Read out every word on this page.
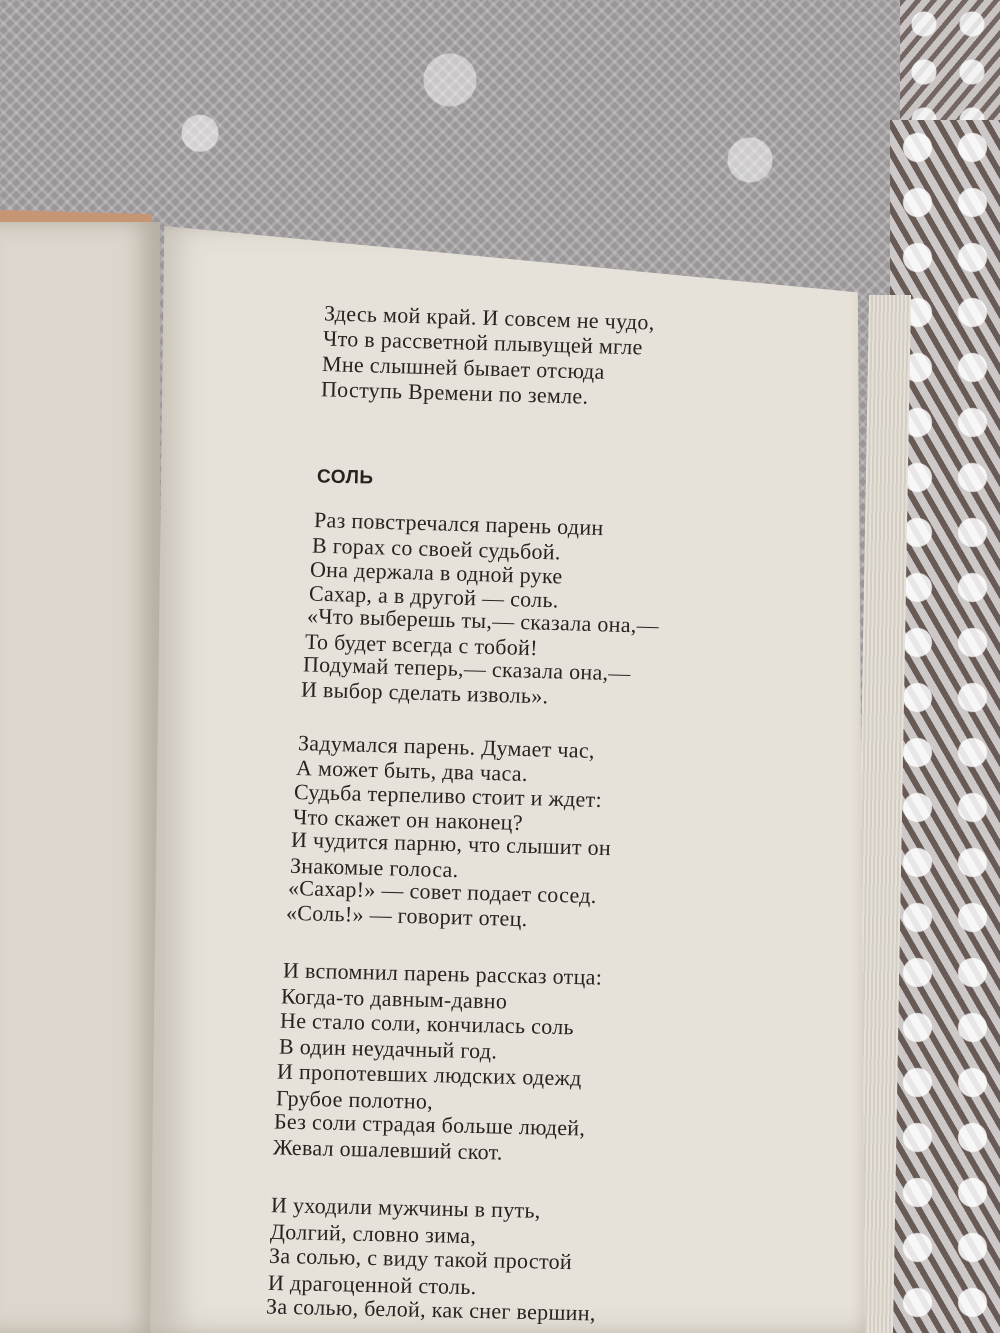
Здесь мой край. И совсем не чудо,
Что в рассветной плывущей мгле
Мне слышней бывает отсюда
Поступь Времени по земле.
СОЛЬ
Раз повстречался парень один
В горах со своей судьбой.
Она держала в одной руке
Сахар, а в другой — соль.
«Что выберешь ты,— сказала она,—
То будет всегда с тобой!
Подумай теперь,— сказала она,—
И выбор сделать изволь».
Задумался парень. Думает час,
А может быть, два часа.
Судьба терпеливо стоит и ждет:
Что скажет он наконец?
И чудится парню, что слышит он
Знакомые голоса.
«Сахар!» — совет подает сосед.
«Соль!» — говорит отец.
И вспомнил парень рассказ отца:
Когда-то давным-давно
Не стало соли, кончилась соль
В один неудачный год.
И пропотевших людских одежд
Грубое полотно,
Без соли страдая больше людей,
Жевал ошалевший скот.
И уходили мужчины в путь,
Долгий, словно зима,
За солью, с виду такой простой
И драгоценной столь.
За солью, белой, как снег вершин,
